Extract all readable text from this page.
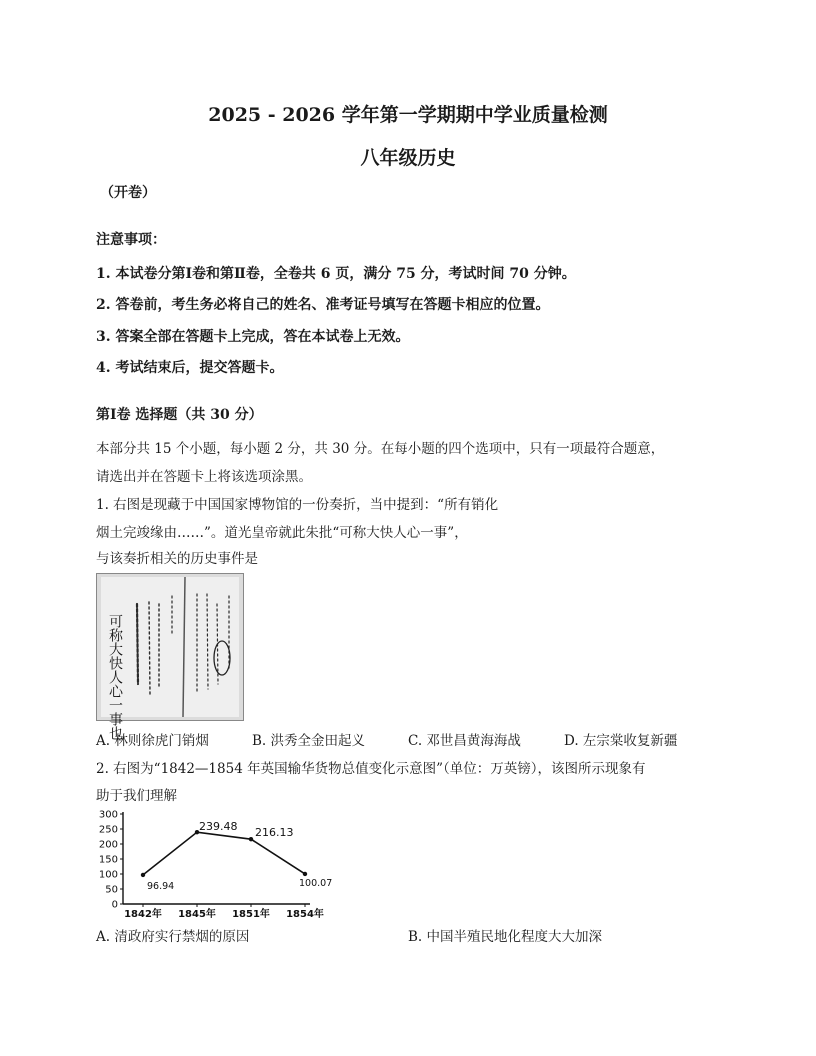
2025 - 2026 学年第一学期期中学业质量检测
八年级历史
（开卷）
注意事项：
1. 本试卷分第Ⅰ卷和第Ⅱ卷，全卷共 6 页，满分 75 分，考试时间 70 分钟。
2. 答卷前，考生务必将自己的姓名、准考证号填写在答题卡相应的位置。
3. 答案全部在答题卡上完成，答在本试卷上无效。
4. 考试结束后，提交答题卡。
第Ⅰ卷 选择题（共 30 分）
本部分共 15 个小题，每小题 2 分，共 30 分。在每小题的四个选项中，只有一项最符合题意，
请选出并在答题卡上将该选项涂黑。
1. 右图是现藏于中国国家博物馆的一份奏折，当中提到：“所有销化
烟土完竣缘由……”。道光皇帝就此朱批“可称大快人心一事”，
与该奏折相关的历史事件是
可称大快人心一事也
A. 林则徐虎门销烟	B. 洪秀全金田起义	C. 邓世昌黄海海战	D. 左宗棠收复新疆
2. 右图为“1842—1854 年英国输华货物总值变化示意图”（单位：万英镑），该图所示现象有
助于我们理解
0
50
100
150
200
250
300
1842年 1845年 1851年 1854年
96.94
239.48 216.13
100.07
A. 清政府实行禁烟的原因	B. 中国半殖民地化程度大大加深
